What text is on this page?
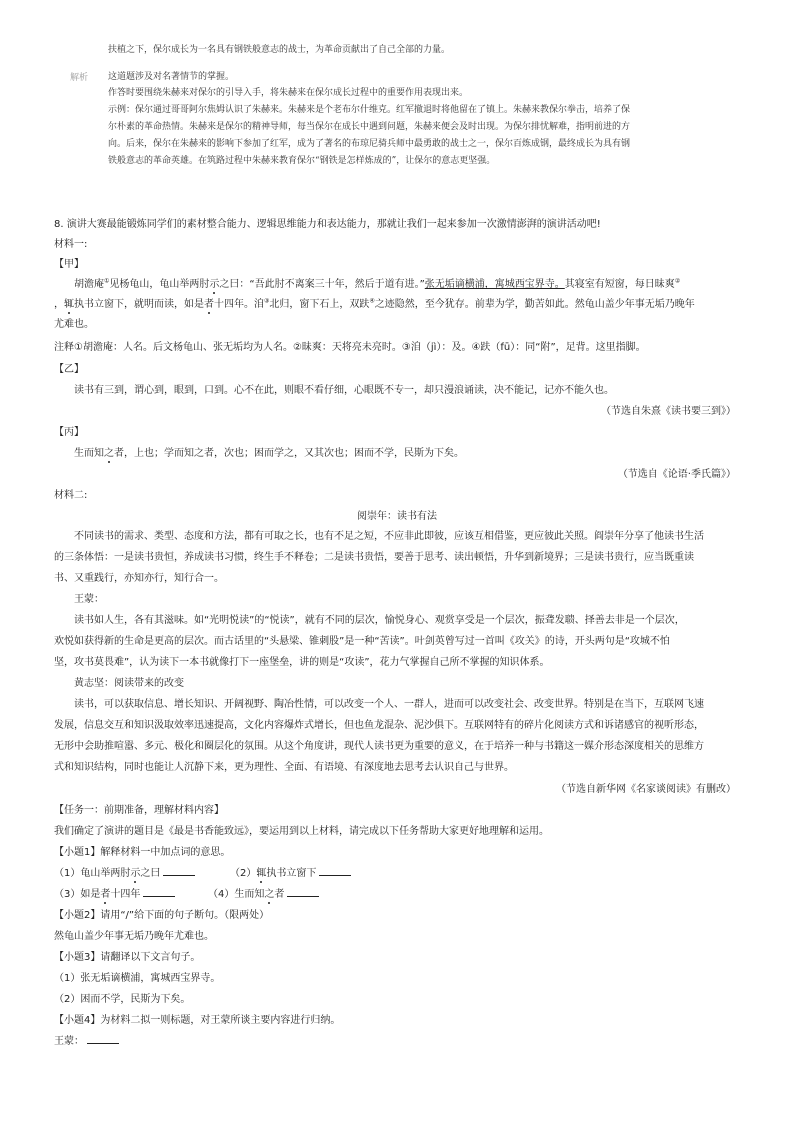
扶植之下，保尔成长为一名具有钢铁般意志的战士，为革命贡献出了自己全部的力量。
解析 这道题涉及对名著情节的掌握。
作答时要围绕朱赫来对保尔的引导入手，将朱赫来在保尔成长过程中的重要作用表现出来。
示例：保尔通过哥哥阿尔焦姆认识了朱赫来。朱赫来是个老布尔什维克。红军撤退时将他留在了镇上。朱赫来教保尔拳击，培养了保
尔朴素的革命热情。朱赫来是保尔的精神导师，每当保尔在成长中遇到问题，朱赫来便会及时出现。为保尔排忧解难，指明前进的方
向。后来，保尔在朱赫来的影响下参加了红军，成为了著名的布琼尼骑兵师中最勇敢的战士之一，保尔百炼成钢，最终成长为具有钢
铁般意志的革命英雄。在筑路过程中朱赫来教育保尔“钢铁是怎样炼成的”，让保尔的意志更坚强。
8. 演讲大赛最能锻炼同学们的素材整合能力、逻辑思维能力和表达能力，那就让我们一起来参加一次激情澎湃的演讲活动吧!
材料一:
【甲】
胡澹庵①见杨龟山，龟山举两肘示之曰：“吾此肘不离案三十年，然后于道有进。”张无垢谪横浦，寓城西宝界寺。其寝室有短窗，每日昧爽②
，辄执书立窗下，就明而读，如是者十四年。洎③北归，窗下石上，双趺④之迹隐然，至今犹存。前辈为学，勤苦如此。然龟山盖少年事无垢乃晚年
尤难也。
注释①胡澹庵：人名。后文杨龟山、张无垢均为人名。②昧爽：天将亮未亮时。③洎（jì）：及。④趺（fū）：同“附”，足背。这里指脚。
【乙】
读书有三到，谓心到，眼到，口到。心不在此，则眼不看仔细，心眼既不专一，却只漫浪诵读，决不能记，记亦不能久也。
（节选自朱熹《读书要三到》）
【丙】
生而知之者，上也；学而知之者，次也；困而学之，又其次也；困而不学，民斯为下矣。
（节选自《论语·季氏篇》）
材料二:
阅崇年：读书有法
不同读书的需求、类型、态度和方法，都有可取之长，也有不足之短，不应非此即彼，应该互相借鉴，更应彼此关照。阎崇年分享了他读书生活
的三条体悟：一是读书贵恒，养成读书习惯，终生手不释卷；二是读书贵悟，要善于思考、读出顿悟，升华到新境界；三是读书贵行，应当既重读
书、又重践行，亦知亦行，知行合一。
王蒙：
读书如人生，各有其滋味。如“光明悦读”的“悦读”，就有不同的层次，愉悦身心、观赏享受是一个层次，振聋发聩、择善去非是一个层次，
欢悦如获得新的生命是更高的层次。而古话里的“头悬梁、锥刺股”是一种“苦读”。叶剑英曾写过一首叫《攻关》的诗，开头两句是“攻城不怕
坚，攻书莫畏难”，认为读下一本书就像打下一座堡垒，讲的则是“攻读”，花力气掌握自己所不掌握的知识体系。
黄志坚：阅读带来的改变
读书，可以获取信息、增长知识、开阔视野、陶冶性情，可以改变一个人、一群人，进而可以改变社会、改变世界。特别是在当下，互联网飞速
发展，信息交互和知识汲取效率迅速提高，文化内容爆炸式增长，但也鱼龙混杂、泥沙俱下。互联网特有的碎片化阅读方式和诉诸感官的视听形态，
无形中会助推喧嚣、多元、极化和圈层化的氛围。从这个角度讲，现代人读书更为重要的意义，在于培养一种与书籍这一媒介形态深度相关的思维方
式和知识结构，同时也能让人沉静下来，更为理性、全面、有语境、有深度地去思考去认识自己与世界。
（节选自新华网《名家谈阅读》有删改）
【任务一：前期准备，理解材料内容】
我们确定了演讲的题目是《最是书香能致远》，要运用到以上材料，请完成以下任务帮助大家更好地理解和运用。
【小题1】解释材料一中加点词的意思。
（1）龟山举两肘示之曰	（2）辄执书立窗下
（3）如是者十四年	（4）生而知之者
【小题2】请用“/”给下面的句子断句。（限两处）
然龟山盖少年事无垢乃晚年尤难也。
【小题3】请翻译以下文言句子。
（1）张无垢谪横浦，寓城西宝界寺。
（2）困而不学，民斯为下矣。
【小题4】为材料二拟一则标题，对王蒙所谈主要内容进行归纳。
王蒙：
